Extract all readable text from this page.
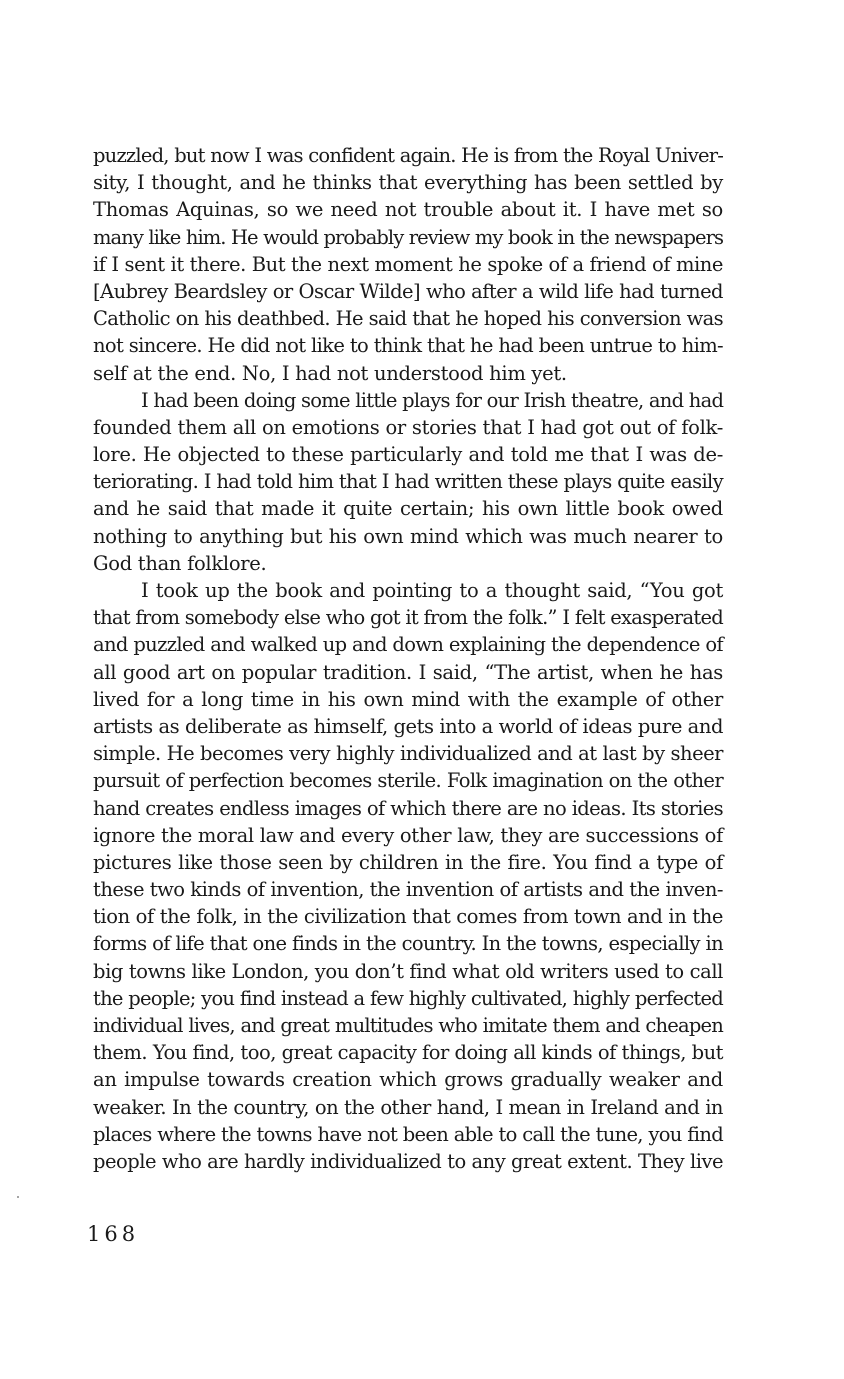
puzzled, but now I was confident again. He is from the Royal Univer-
sity, I thought, and he thinks that everything has been settled by
Thomas Aquinas, so we need not trouble about it. I have met so
many like him. He would probably review my book in the newspapers
if I sent it there. But the next moment he spoke of a friend of mine
[Aubrey Beardsley or Oscar Wilde] who after a wild life had turned
Catholic on his deathbed. He said that he hoped his conversion was
not sincere. He did not like to think that he had been untrue to him-
self at the end. No, I had not understood him yet.
I had been doing some little plays for our Irish theatre, and had
founded them all on emotions or stories that I had got out of folk-
lore. He objected to these particularly and told me that I was de-
teriorating. I had told him that I had written these plays quite easily
and he said that made it quite certain; his own little book owed
nothing to anything but his own mind which was much nearer to
God than folklore.
I took up the book and pointing to a thought said, “You got
that from somebody else who got it from the folk.” I felt exasperated
and puzzled and walked up and down explaining the dependence of
all good art on popular tradition. I said, “The artist, when he has
lived for a long time in his own mind with the example of other
artists as deliberate as himself, gets into a world of ideas pure and
simple. He becomes very highly individualized and at last by sheer
pursuit of perfection becomes sterile. Folk imagination on the other
hand creates endless images of which there are no ideas. Its stories
ignore the moral law and every other law, they are successions of
pictures like those seen by children in the fire. You find a type of
these two kinds of invention, the invention of artists and the inven-
tion of the folk, in the civilization that comes from town and in the
forms of life that one finds in the country. In the towns, especially in
big towns like London, you don’t find what old writers used to call
the people; you find instead a few highly cultivated, highly perfected
individual lives, and great multitudes who imitate them and cheapen
them. You find, too, great capacity for doing all kinds of things, but
an impulse towards creation which grows gradually weaker and
weaker. In the country, on the other hand, I mean in Ireland and in
places where the towns have not been able to call the tune, you find
people who are hardly individualized to any great extent. They live
168
